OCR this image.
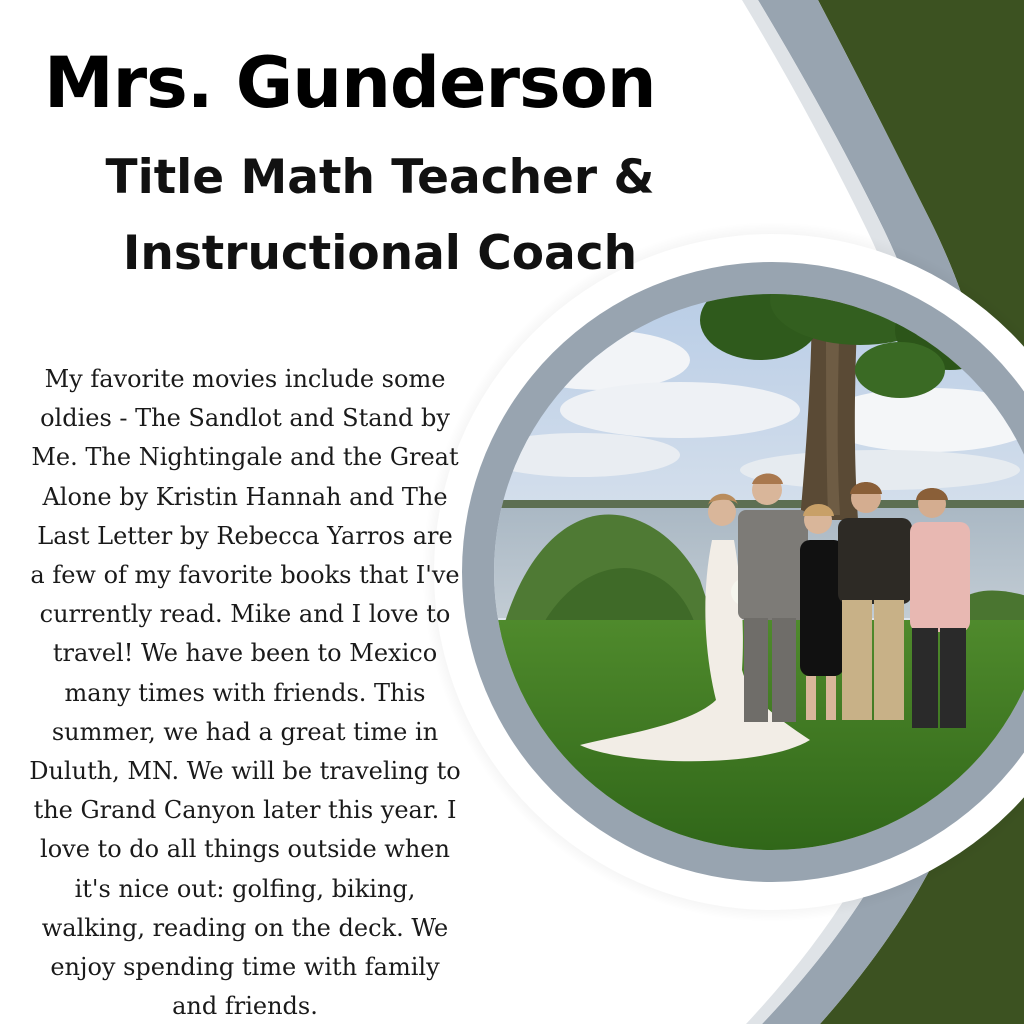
Mrs. Gunderson
Title Math Teacher &
Instructional Coach
My favorite movies include some
oldies - The Sandlot and Stand by
Me. The Nightingale and the Great
Alone by Kristin Hannah and The
Last Letter by Rebecca Yarros are
a few of my favorite books that I've
currently read. Mike and I love to
travel! We have been to Mexico
many times with friends. This
summer, we had a great time in
Duluth, MN. We will be traveling to
the Grand Canyon later this year. I
love to do all things outside when
it's nice out: golfing, biking,
walking, reading on the deck. We
enjoy spending time with family
and friends.
